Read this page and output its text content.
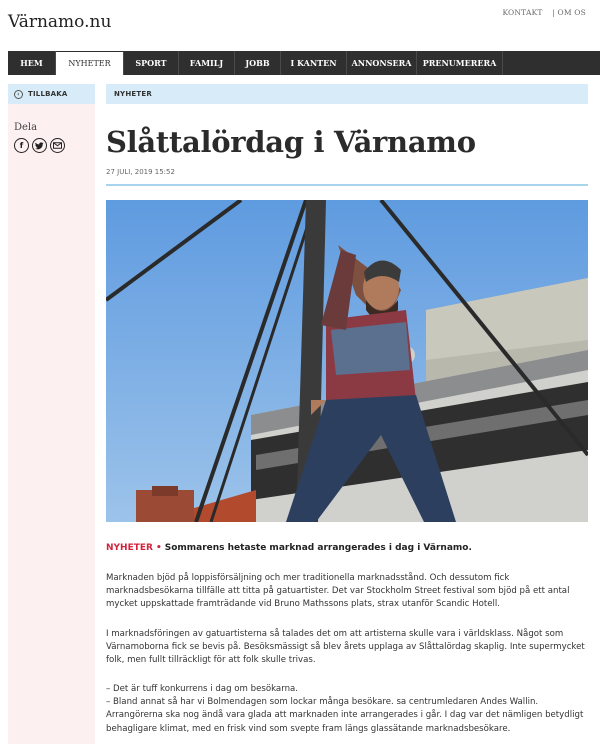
Värnamo.nu	KONTAKT | OM OS
HEM	NYHETER	SPORT	FAMILJ	JOBB	I KANTEN	ANNONSERA	PRENUMERERA
‹	TILLBAKA
Dela
f
NYHETER
Slåttalördag i Värnamo
27 JULI, 2019 15:52
NYHETER • Sommarens hetaste marknad arrangerades i dag i Värnamo.

Marknaden bjöd på loppisförsäljning och mer traditionella marknadsstånd. Och dessutom fick marknadsbesökarna tillfälle att titta på gatuartister. Det var Stockholm Street festival som bjöd på ett antal mycket uppskattade framträdande vid Bruno Mathssons plats, strax utanför Scandic Hotell.

I marknadsföringen av gatuartisterna så talades det om att artisterna skulle vara i världsklass. Något som Värnamoborna fick se bevis på. Besöksmässigt så blev årets upplaga av Slåttalördag skaplig. Inte supermycket folk, men fullt tillräckligt för att folk skulle trivas.

– Det är tuff konkurrens i dag om besökarna.
– Bland annat så har vi Bolmendagen som lockar många besökare. sa centrumledaren Andes Wallin. Arrangörerna ska nog ändå vara glada att marknaden inte arrangerades i går. I dag var det nämligen betydligt behagligare klimat, med en frisk vind som svepte fram längs glassätande marknadsbesökare.
